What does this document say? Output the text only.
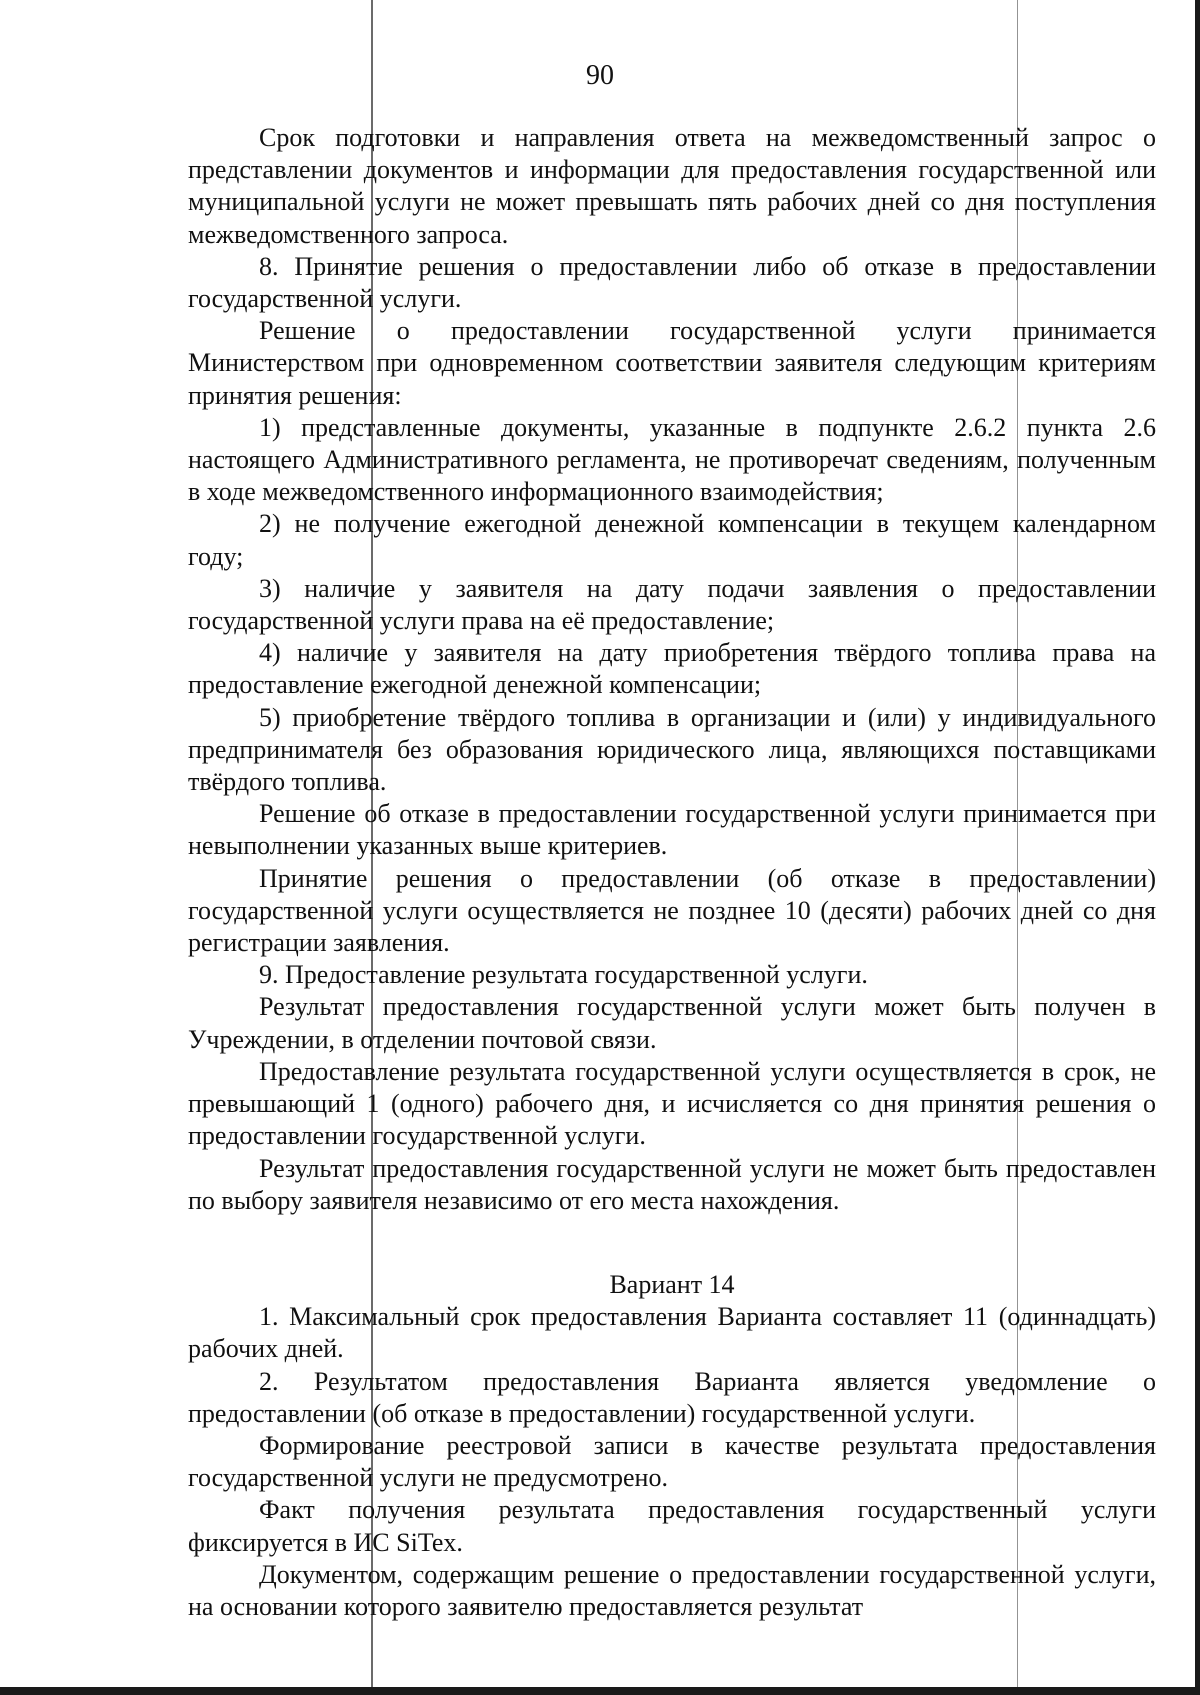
90

Срок подготовки и направления ответа на межведомственный запрос о представлении документов и информации для предоставления государственной или муниципальной услуги не может превышать пять рабочих дней со дня поступления межведомственного запроса.

8. Принятие решения о предоставлении либо об отказе в предоставлении государственной услуги.

Решение о предоставлении государственной услуги принимается Министерством при одновременном соответствии заявителя следующим критериям принятия решения:

1) представленные документы, указанные в подпункте 2.6.2 пункта 2.6 настоящего Административного регламента, не противоречат сведениям, полученным в ходе межведомственного информационного взаимодействия;

2) не получение ежегодной денежной компенсации в текущем календарном году;

3) наличие у заявителя на дату подачи заявления о предоставлении государственной услуги права на её предоставление;

4) наличие у заявителя на дату приобретения твёрдого топлива права на предоставление ежегодной денежной компенсации;

5) приобретение твёрдого топлива в организации и (или) у индивидуального предпринимателя без образования юридического лица, являющихся поставщиками твёрдого топлива.

Решение об отказе в предоставлении государственной услуги принимается при невыполнении указанных выше критериев.

Принятие решения о предоставлении (об отказе в предоставлении) государственной услуги осуществляется не позднее 10 (десяти) рабочих дней со дня регистрации заявления.

9. Предоставление результата государственной услуги.

Результат предоставления государственной услуги может быть получен в Учреждении, в отделении почтовой связи.

Предоставление результата государственной услуги осуществляется в срок, не превышающий 1 (одного) рабочего дня, и исчисляется со дня принятия решения о предоставлении государственной услуги.

Результат предоставления государственной услуги не может быть предоставлен по выбору заявителя независимо от его места нахождения.

Вариант 14

1. Максимальный срок предоставления Варианта составляет 11 (одиннадцать) рабочих дней.

2. Результатом предоставления Варианта является уведомление о предоставлении (об отказе в предоставлении) государственной услуги.

Формирование реестровой записи в качестве результата предоставления государственной услуги не предусмотрено.

Факт получения результата предоставления государственный услуги фиксируется в ИС SiTex.

Документом, содержащим решение о предоставлении государственной услуги, на основании которого заявителю предоставляется результат
